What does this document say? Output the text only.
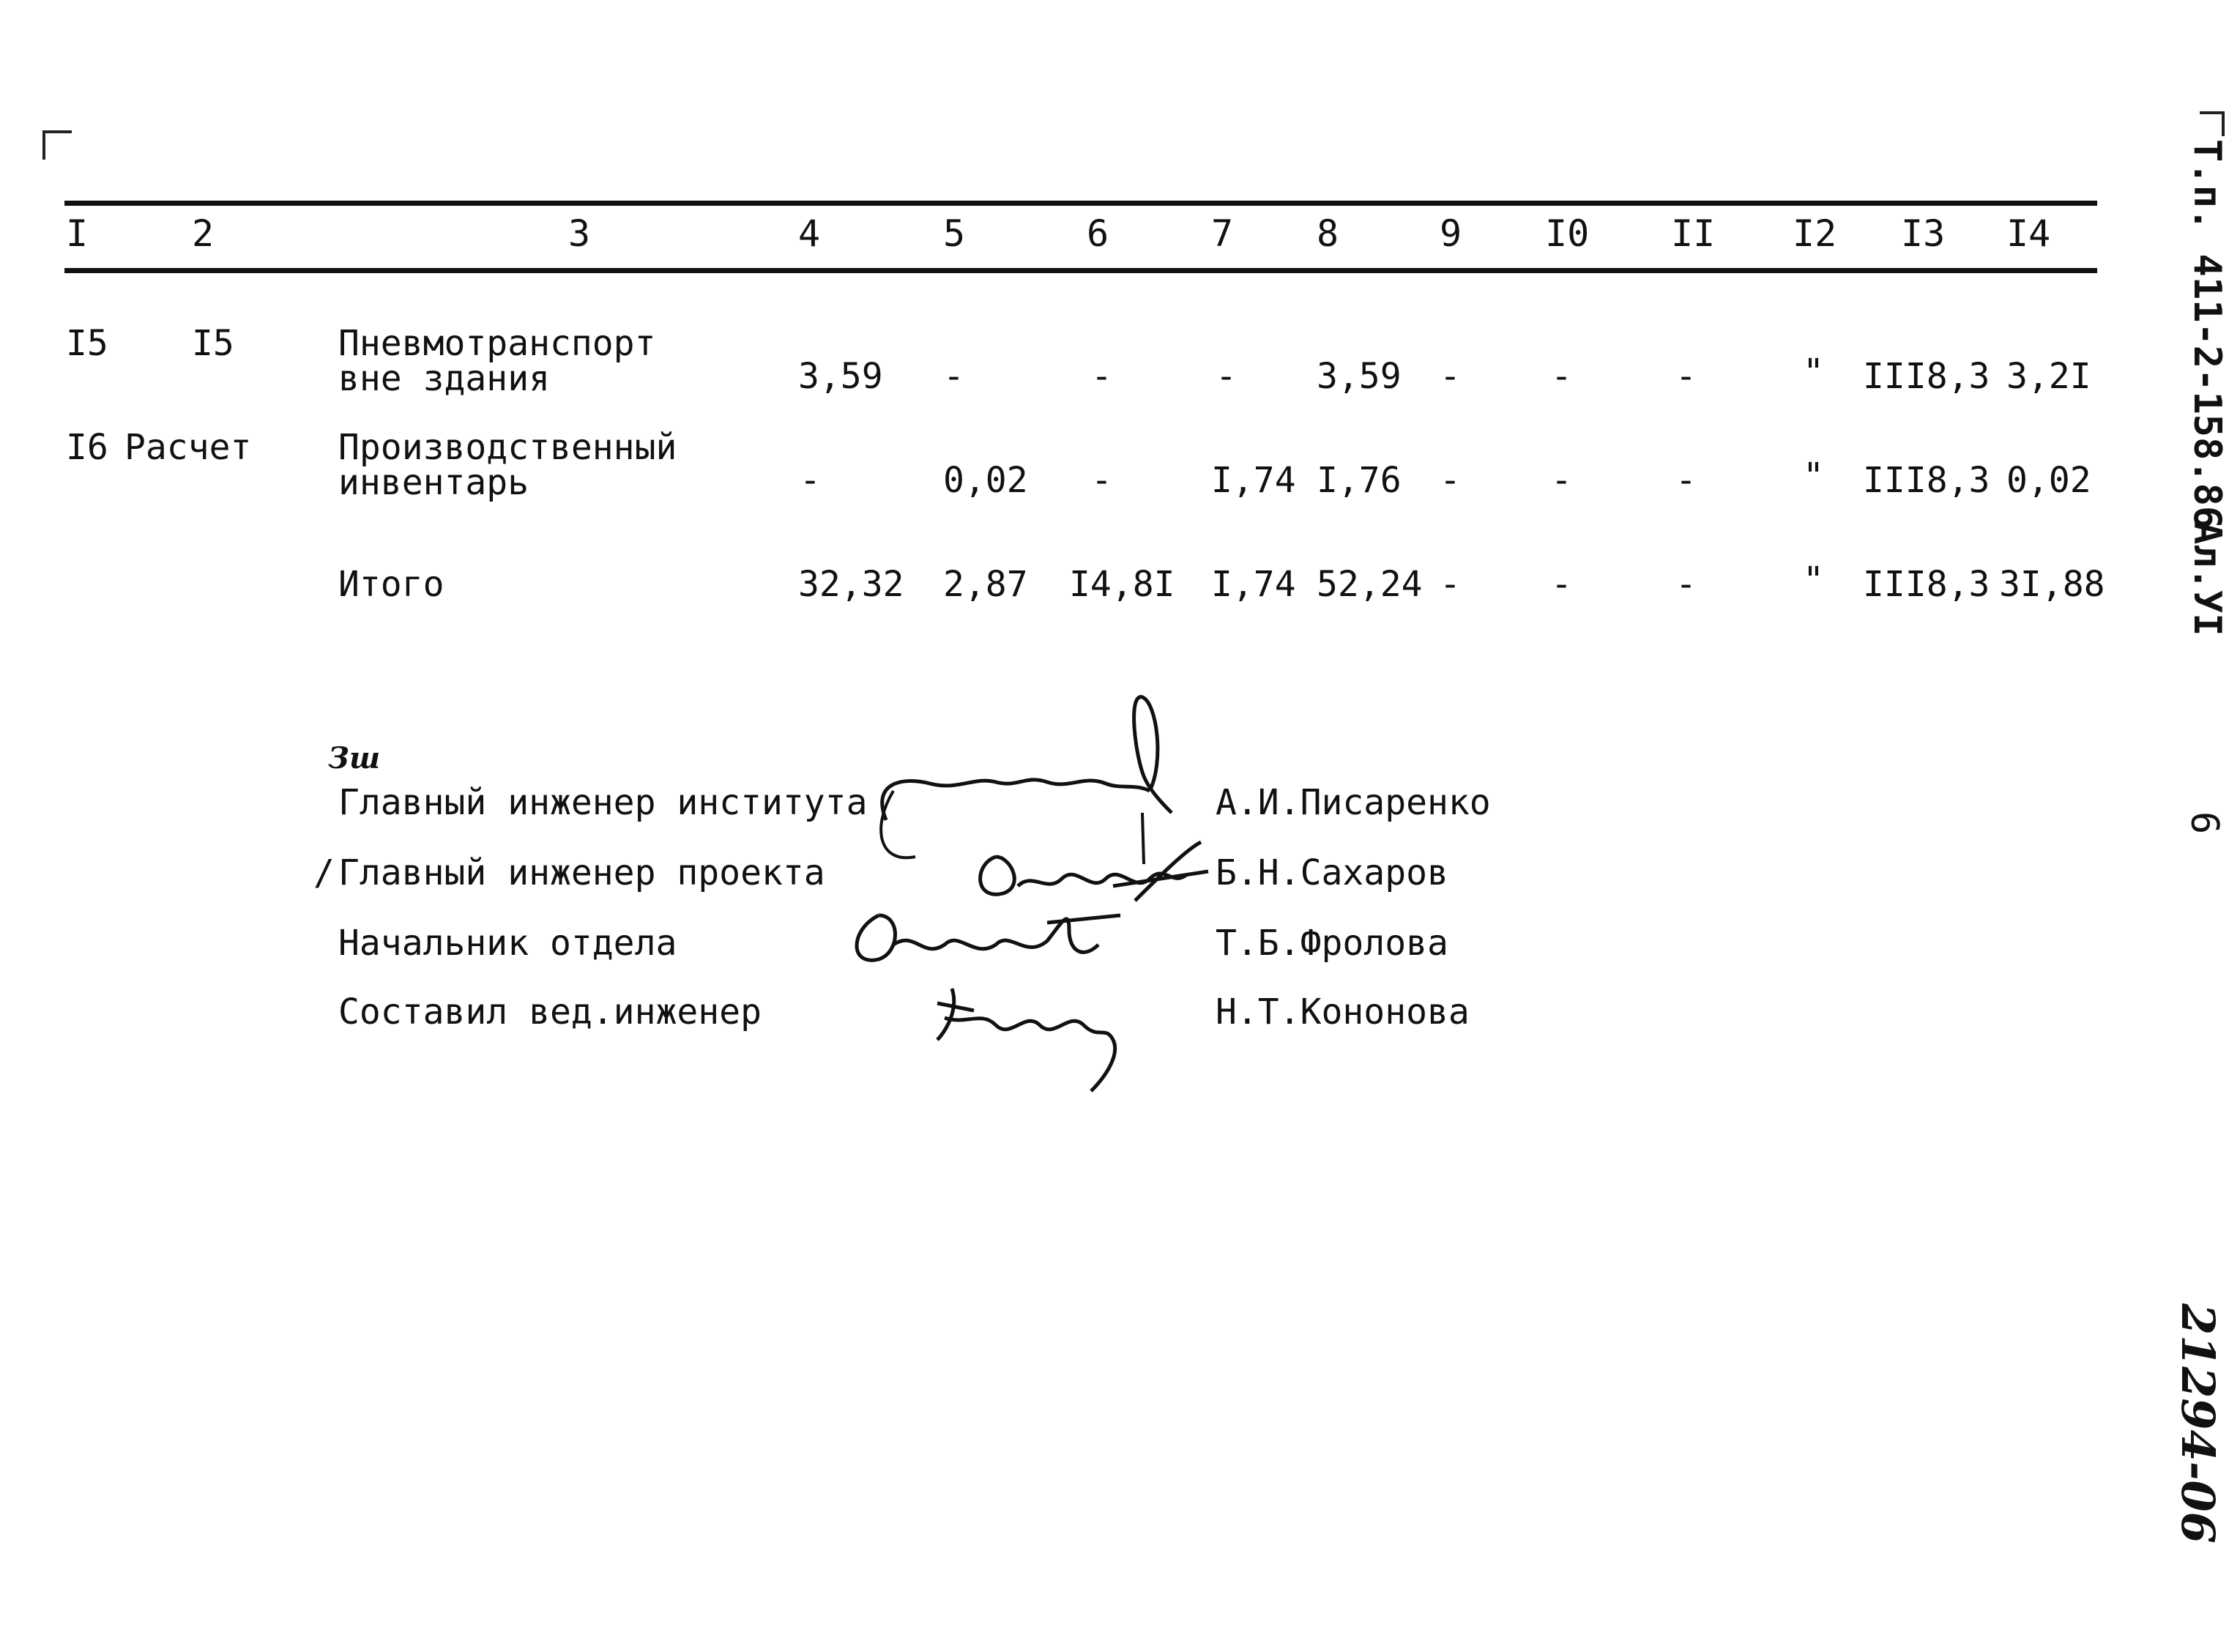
I	2	3	4	5	6	7 8	9 I0 II I2 I3 I4
I5 I5	Пневмотранспорт
вне здания	3,59 -	-	- 3,59 -	-	-	" III8,3 3,2I
I6 Расчет Производственный
инвентарь	-	0,02 -	I,74 I,76 -	-	-	" III8,3 0,02
Итого	32,32 2,87 I4,8I I,74 52,24 -	-	-	" III8,3 3I,88
Зш
Главный инженер института	А.И.Писаренко
/ Главный инженер проекта	Б.Н.Сахаров
Начальник отдела	Т.Б.Фролова
Составил вед.инженер	Н.Т.Кононова
Т.п. 411-2-158.86
Ал.УI
6
21294-06
